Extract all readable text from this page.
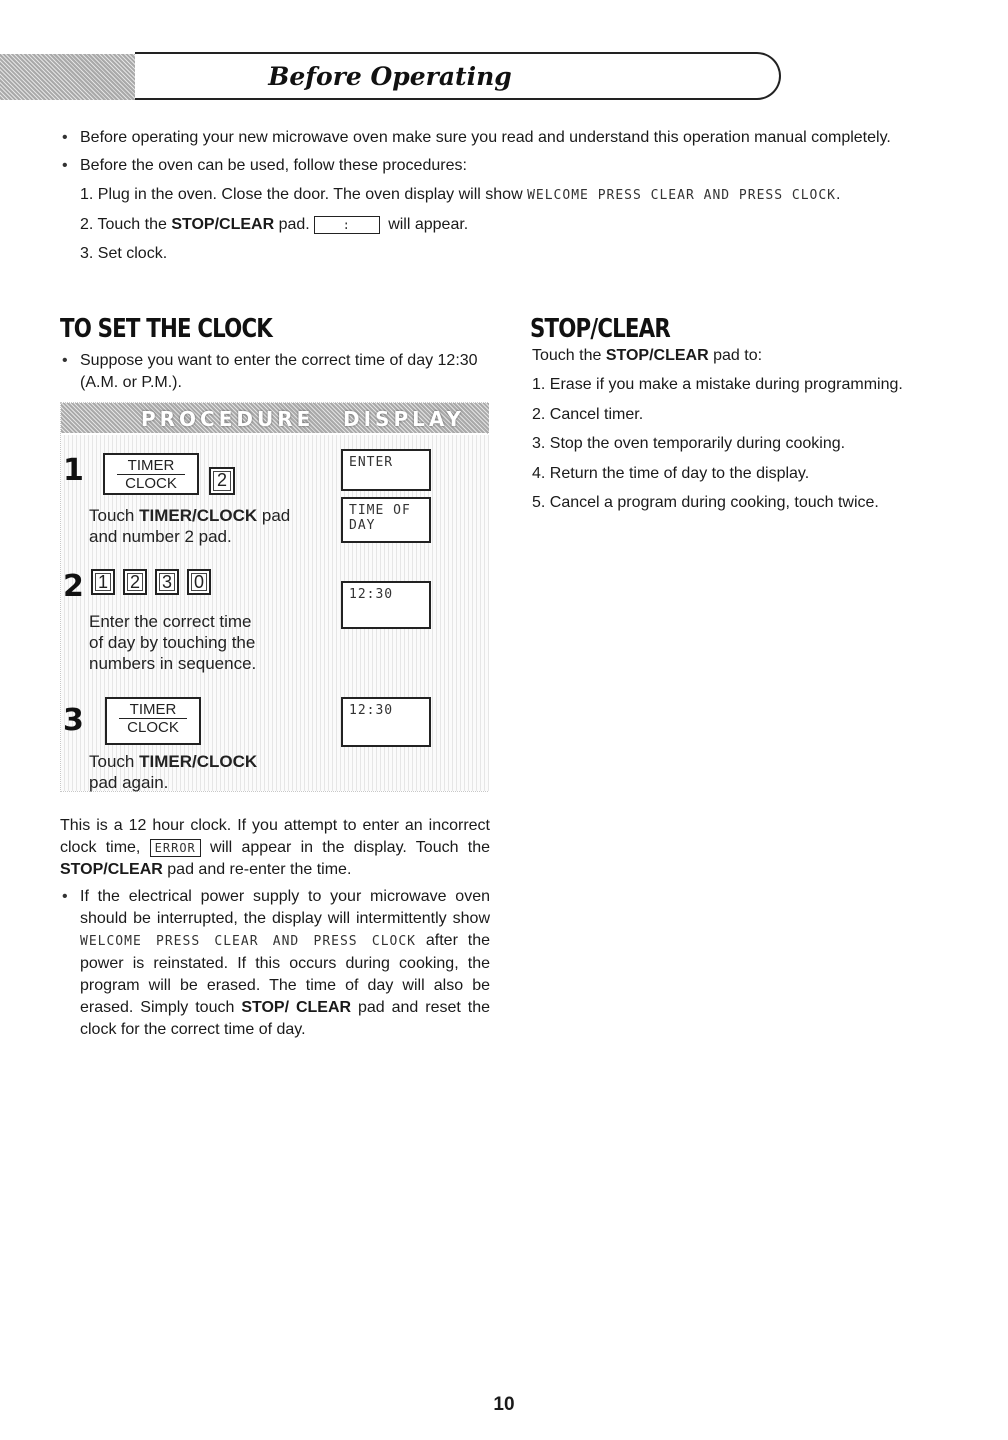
Before Operating
• Before operating your new microwave oven make sure you read and understand this operation manual completely.
• Before the oven can be used, follow these procedures:
1. Plug in the oven. Close the door. The oven display will show WELCOME PRESS CLEAR AND PRESS CLOCK.
2. Touch the STOP/CLEAR pad.	: will appear.
3. Set clock.
TO SET THE CLOCK
• Suppose you want to enter the correct time of day 12:30 (A.M. or P.M.).
PROCEDURE DISPLAY
1	TIMER
CLOCK	2
Touch TIMER/CLOCK pad
and number 2 pad.
ENTER
TIME OF
DAY
2 1	2	3	0
Enter the correct time
of day by touching the
numbers in sequence.
12:30
3	TIMER
CLOCK
Touch TIMER/CLOCK
pad again.
12:30
This is a 12 hour clock. If you attempt to enter an incorrect clock time, ERROR will appear in the display. Touch the STOP/CLEAR pad and re-enter the time.
• If the electrical power supply to your microwave oven should be interrupted, the display will intermittently show WELCOME PRESS CLEAR AND PRESS CLOCK after the power is reinstated. If this occurs during cooking, the program will be erased. The time of day will also be erased. Simply touch STOP/ CLEAR pad and reset the clock for the correct time of day.
STOP/CLEAR
Touch the STOP/CLEAR pad to:
1. Erase if you make a mistake during programming.
2. Cancel timer.
3. Stop the oven temporarily during cooking.
4. Return the time of day to the display.
5. Cancel a program during cooking, touch twice.
10
